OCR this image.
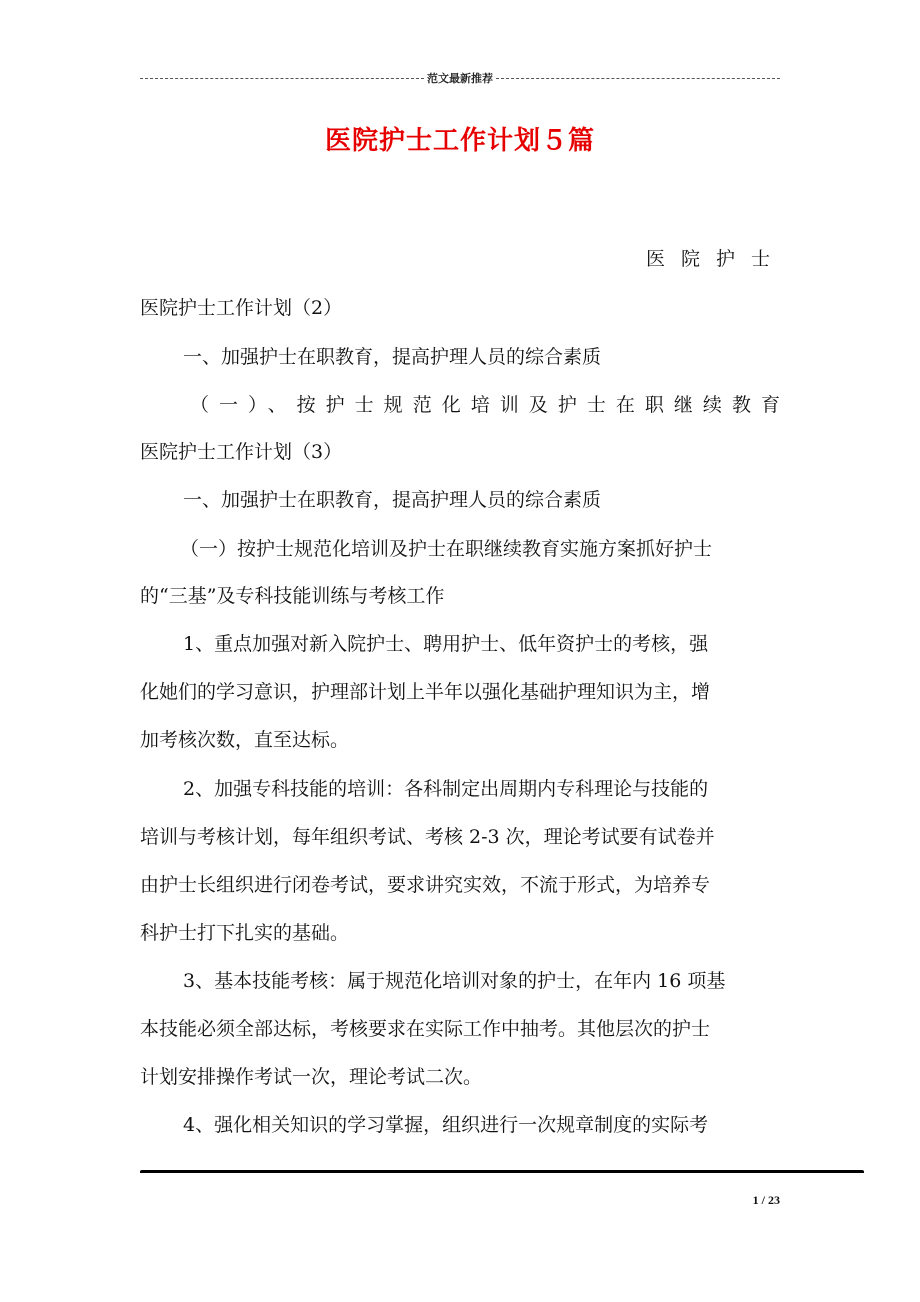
范文最新推荐
医院护士工作计划５篇
医院护士
医院护士工作计划（2）
一、加强护士在职教育，提高护理人员的综合素质
（一）、按护士规范化培训及护士在职继续教育
医院护士工作计划（3）
一、加强护士在职教育，提高护理人员的综合素质
（一）按护士规范化培训及护士在职继续教育实施方案抓好护士
的“三基”及专科技能训练与考核工作
1、重点加强对新入院护士、聘用护士、低年资护士的考核，强
化她们的学习意识，护理部计划上半年以强化基础护理知识为主，增
加考核次数，直至达标。
2、加强专科技能的培训：各科制定出周期内专科理论与技能的
培训与考核计划，每年组织考试、考核 2-3 次，理论考试要有试卷并
由护士长组织进行闭卷考试，要求讲究实效，不流于形式，为培养专
科护士打下扎实的基础。
3、基本技能考核：属于规范化培训对象的护士，在年内 16 项基
本技能必须全部达标，考核要求在实际工作中抽考。其他层次的护士
计划安排操作考试一次，理论考试二次。
4、强化相关知识的学习掌握，组织进行一次规章制度的实际考
1 / 23
